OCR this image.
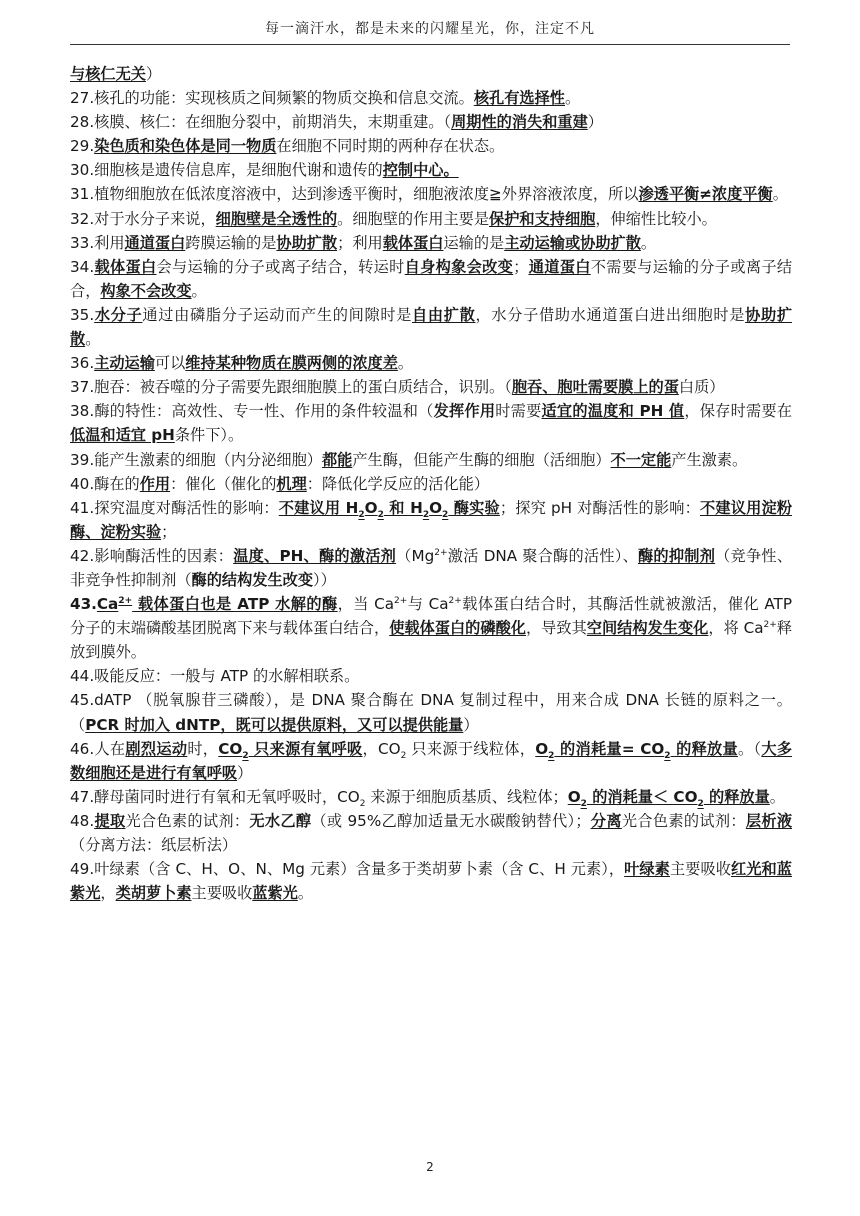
每一滴汗水，都是未来的闪耀星光，你，注定不凡
与核仁无关）
27.核孔的功能：实现核质之间频繁的物质交换和信息交流。核孔有选择性。
28.核膜、核仁：在细胞分裂中，前期消失，末期重建。（周期性的消失和重建）
29.染色质和染色体是同一物质在细胞不同时期的两种存在状态。
30.细胞核是遗传信息库，是细胞代谢和遗传的控制中心。
31.植物细胞放在低浓度溶液中，达到渗透平衡时，细胞液浓度≧外界溶液浓度，所以渗透平衡≠浓度平衡。
32.对于水分子来说，细胞壁是全透性的。细胞壁的作用主要是保护和支持细胞，伸缩性比较小。
33.利用通道蛋白跨膜运输的是协助扩散；利用载体蛋白运输的是主动运输或协助扩散。
34.载体蛋白会与运输的分子或离子结合，转运时自身构象会改变；通道蛋白不需要与运输的分子或离子结合，构象不会改变。
35.水分子通过由磷脂分子运动而产生的间隙时是自由扩散，水分子借助水通道蛋白进出细胞时是协助扩散。
36.主动运输可以维持某种物质在膜两侧的浓度差。
37.胞吞：被吞噬的分子需要先跟细胞膜上的蛋白质结合，识别。（胞吞、胞吐需要膜上的蛋白质）
38.酶的特性：高效性、专一性、作用的条件较温和（发挥作用时需要适宜的温度和 PH 值，保存时需要在低温和适宜 pH条件下）。
39.能产生激素的细胞（内分泌细胞）都能产生酶，但能产生酶的细胞（活细胞）不一定能产生激素。
40.酶在的作用：催化（催化的机理：降低化学反应的活化能）
41.探究温度对酶活性的影响：不建议用 $H_2O_2$ 和 $H_2O_2$ 酶实验；探究 pH 对酶活性的影响：不建议用淀粉酶、淀粉实验；
42.影响酶活性的因素：温度、PH、酶的激活剂（$Mg^{2+}$激活 DNA 聚合酶的活性）、酶的抑制剂（竞争性、非竞争性抑制剂（酶的结构发生改变））
$43.Ca^{2+}$ 载体蛋白也是 ATP 水解的酶，当 $Ca^{2+}$与 $Ca^{2+}$载体蛋白结合时，其酶活性就被激活，催化 ATP 分子的末端磷酸基团脱离下来与载体蛋白结合，使载体蛋白的磷酸化，导致其空间结构发生变化，将 $Ca^{2+}$释放到膜外。
44.吸能反应：一般与 ATP 的水解相联系。
45.dATP （脱氧腺苷三磷酸），是 DNA 聚合酶在 DNA 复制过程中，用来合成 DNA 长链的原料之一。（PCR 时加入 dNTP，既可以提供原料，又可以提供能量）
46.人在剧烈运动时，$CO_2$ 只来源有氧呼吸，$CO_2$ 只来源于线粒体，$O_2$ 的消耗量= $CO_2$ 的释放量。（大多数细胞还是进行有氧呼吸）
47.酵母菌同时进行有氧和无氧呼吸时，$CO_2$ 来源于细胞质基质、线粒体；$O_2$ 的消耗量＜ $CO_2$ 的释放量。
48.提取光合色素的试剂：无水乙醇（或 95%乙醇加适量无水碳酸钠替代）；分离光合色素的试剂：层析液（分离方法：纸层析法）
49.叶绿素（含 C、H、O、N、Mg 元素）含量多于类胡萝卜素（含 C、H 元素），叶绿素主要吸收红光和蓝紫光，类胡萝卜素主要吸收蓝紫光。
2
